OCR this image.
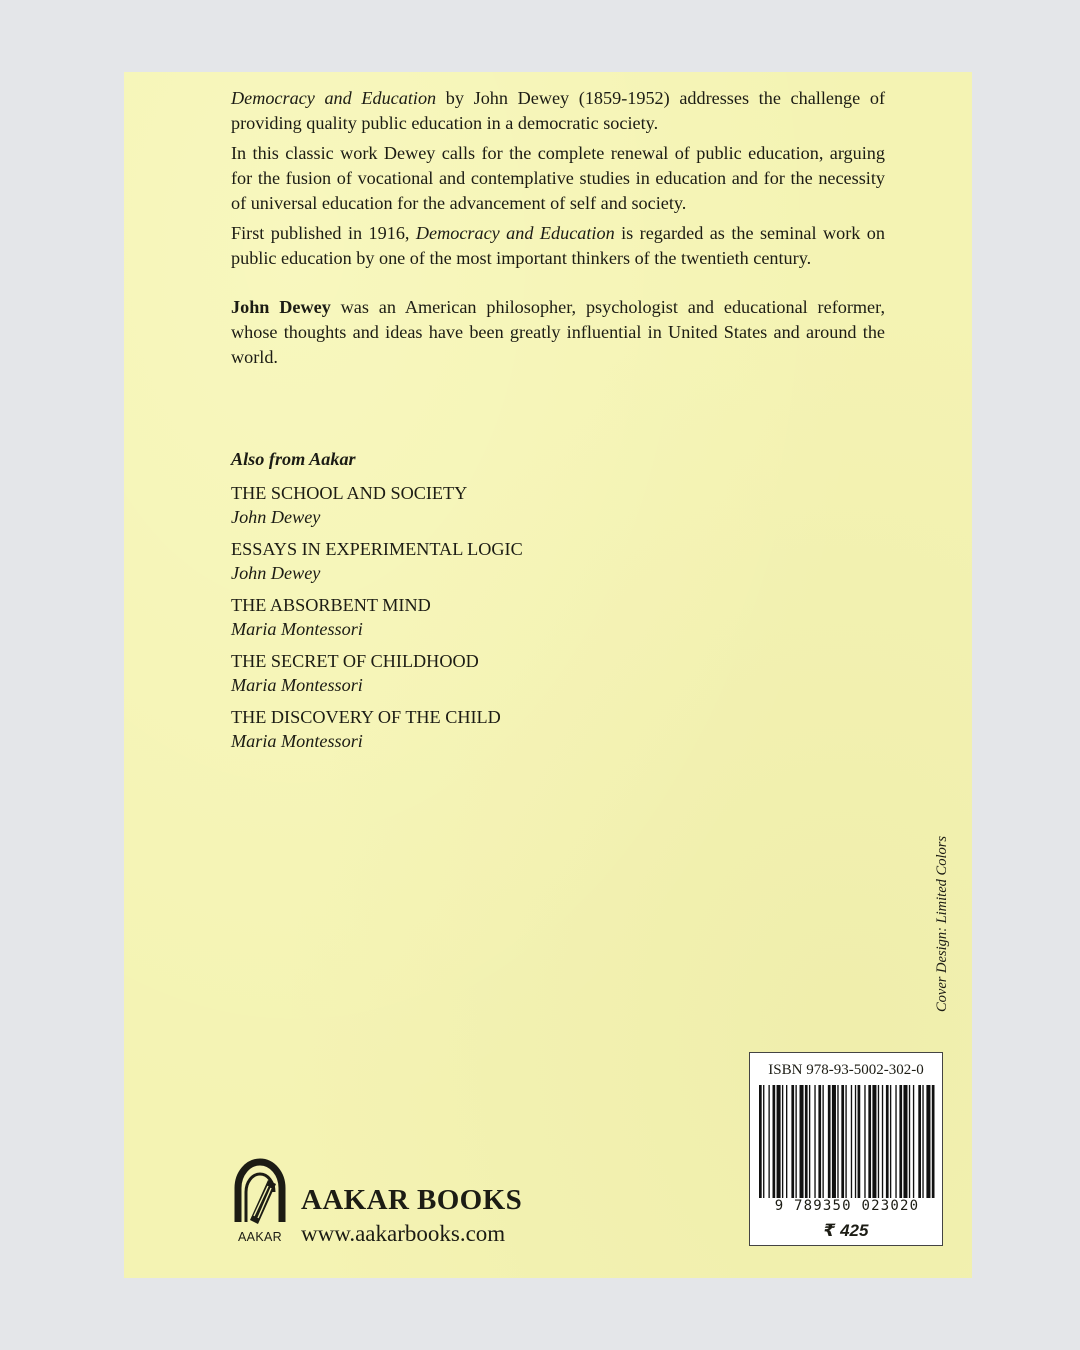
Democracy and Education by John Dewey (1859-1952) addresses the challenge of providing quality public education in a democratic society.

In this classic work Dewey calls for the complete renewal of public education, arguing for the fusion of vocational and contemplative studies in education and for the necessity of universal education for the advancement of self and society.

First published in 1916, Democracy and Education is regarded as the seminal work on public education by one of the most important thinkers of the twentieth century.

John Dewey was an American philosopher, psychologist and educational reformer, whose thoughts and ideas have been greatly influential in United States and around the world.

Also from Aakar
THE SCHOOL AND SOCIETY
John Dewey
ESSAYS IN EXPERIMENTAL LOGIC
John Dewey
THE ABSORBENT MIND
Maria Montessori
THE SECRET OF CHILDHOOD
Maria Montessori
THE DISCOVERY OF THE CHILD
Maria Montessori
Cover Design: Limited Colors
AAKAR
AAKAR BOOKS
www.aakarbooks.com
ISBN 978-93-5002-302-0
9 789350 023020
₹ 425
